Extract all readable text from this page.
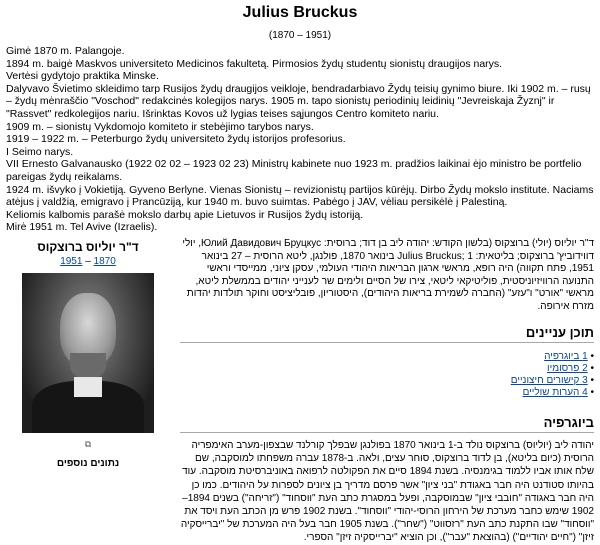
Julius Bruckus
(1870 – 1951)

Gimė 1870 m. Palangoje.

1894 m. baigė Maskvos universiteto Medicinos fakultetą. Pirmosios žydų studentų sionistų draugijos narys.

Vertėsi gydytojo praktika Minske.

Dalyvavo Švietimo skleidimo tarp Rusijos žydų draugijos veikloje, bendradarbiavo Žydų teisių gynimo biure. Iki 1902 m. – rusų – žydų mėnraščio "Voschod" redakcinės kolegijos narys. 1905 m. tapo sionistų periodinių leidinių "Jevreiskaja Žyznj" ir "Rassvet" redkolegijos nariu. Išrinktas Kovos už lygias teises sąjungos Centro komiteto nariu.

1909 m. – sionistų Vykdomojo komiteto ir stebėjimo tarybos narys.

1919 – 1922 m. – Peterburgo žydų universiteto žydų istorijos profesorius.

I Seimo narys.

VII Ernesto Galvanausko (1922 02 02 – 1923 02 23) Ministrų kabinete nuo 1923 m. pradžios laikinai ėjo ministro be portfelio pareigas žydų reikalams.

1924 m. išvyko į Vokietiją. Gyveno Berlyne. Vienas Sionistų – revizionistų partijos kūrėjų. Dirbo Žydų mokslo institute. Naciams atėjus į valdžią, emigravo į Prancūziją, kur 1940 m. buvo suimtas. Pabėgo į JAV, vėliau persikėlė į Palestiną.

Keliomis kalbomis parašė mokslo darbų apie Lietuvos ir Rusijos žydų istoriją.

Mirė 1951 m. Tel Avive (Izraelis).

ד"ר יוליוס ברוצקוס
1951 – 1870
⧉
נתונים נוספים

ד"ר יוליוס (יולי) ברוצקוס (בלשון הקודש: יהודה ליב בן דוד; ברוסית: Юлий Давидович Бруцкус, יולי דווידוביץ' ברוצקוס; בליטאית: Julius Bruckus; 1 בינואר 1870, פולנגן, ליטא הרוסית – 27 בינואר 1951, פתח תקווה) היה רופא, מראשי ארגון הבריאות היהודי העולמי, עסקן ציוני, ממייסדי וראשי התנועה הרוויזיוניסטית, פוליטיקאי ליטאי, צירו של הסיים ולימים שר לענייני יהודים בממשלת ליטא, מראשי "אורט" ו"עזע" (החברה לשמירת בריאות היהודים), היסטוריון, פובליציסט וחוקר תולדות יהדות מזרח אירופה.

תוכן עניינים
• 1 ביוגרפיה
• 2 פרסומיו
• 3 קישורים חיצוניים
• 4 הערות שוליים
ביוגרפיה

יהודה ליב (יוליוס) ברוצקוס נולד ב-1 בינואר 1870 בפולנגן שבפלך קורלנד שבצפון-מערב האימפריה הרוסית (כיום בליטא), בן לדוד ברוצקוס, סוחר עצים, ולאה. ב-1878 עברה משפחתו למוסקבה, שם שלח אותו אביו ללמוד בגימנסיה. בשנת 1894 סיים את הפקולטה לרפואה באוניברסיטת מוסקבה. עוד בהיותו סטודנט היה חבר באגודת "בני ציון" אשר פרסם מדריך בן ציונים לספרות על היהודים. כמו כן היה חבר באגודה "חובבי ציון" שבמוסקבה, ופעל במסגרת כתב העת "ווסחוד" ("זריחה") בשנים 1894–1902 שימש כחבר מערכת של הירחון הרוסי-יהודי "ווסחוד". בשנת 1902 פרש מן הכתב העת ויסד את "ווסחוד" שבו התקנת כתב העת "רזסווט" ("שחר"). בשנת 1905 חבר בעל היה המערכת של "יברייסקיה זיזן" ("חיים יהודיים") (בהוצאת "עבר"), וכן הוציא "יברייסקיה זיזן" הספרי.
